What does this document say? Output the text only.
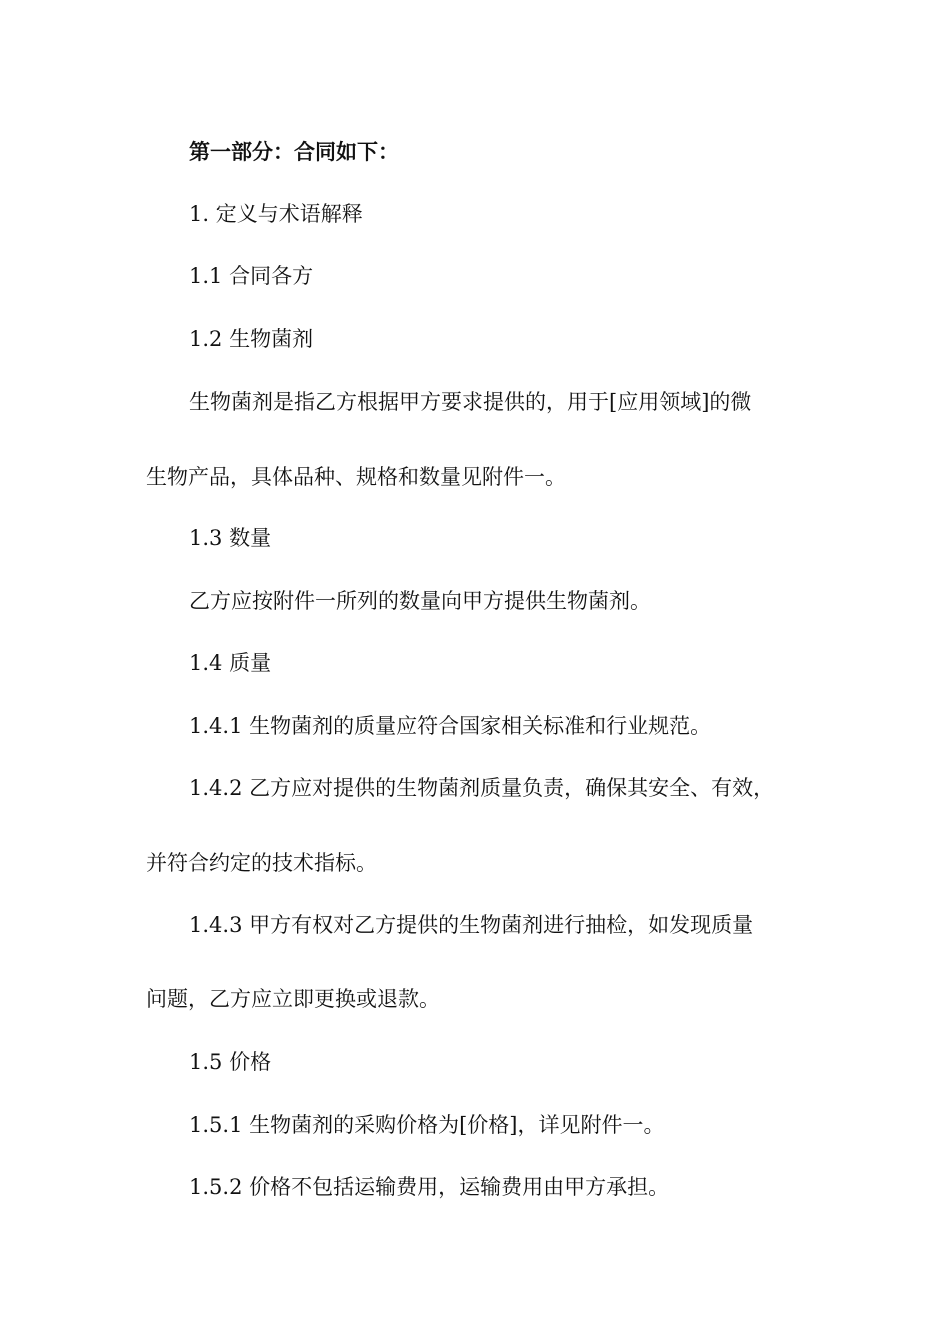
第一部分：合同如下：
1. 定义与术语解释
1.1 合同各方
1.2 生物菌剂
生物菌剂是指乙方根据甲方要求提供的，用于[应用领域]的微
生物产品，具体品种、规格和数量见附件一。
1.3 数量
乙方应按附件一所列的数量向甲方提供生物菌剂。
1.4 质量
1.4.1 生物菌剂的质量应符合国家相关标准和行业规范。
1.4.2 乙方应对提供的生物菌剂质量负责，确保其安全、有效，
并符合约定的技术指标。
1.4.3 甲方有权对乙方提供的生物菌剂进行抽检，如发现质量
问题，乙方应立即更换或退款。
1.5 价格
1.5.1 生物菌剂的采购价格为[价格]，详见附件一。
1.5.2 价格不包括运输费用，运输费用由甲方承担。
